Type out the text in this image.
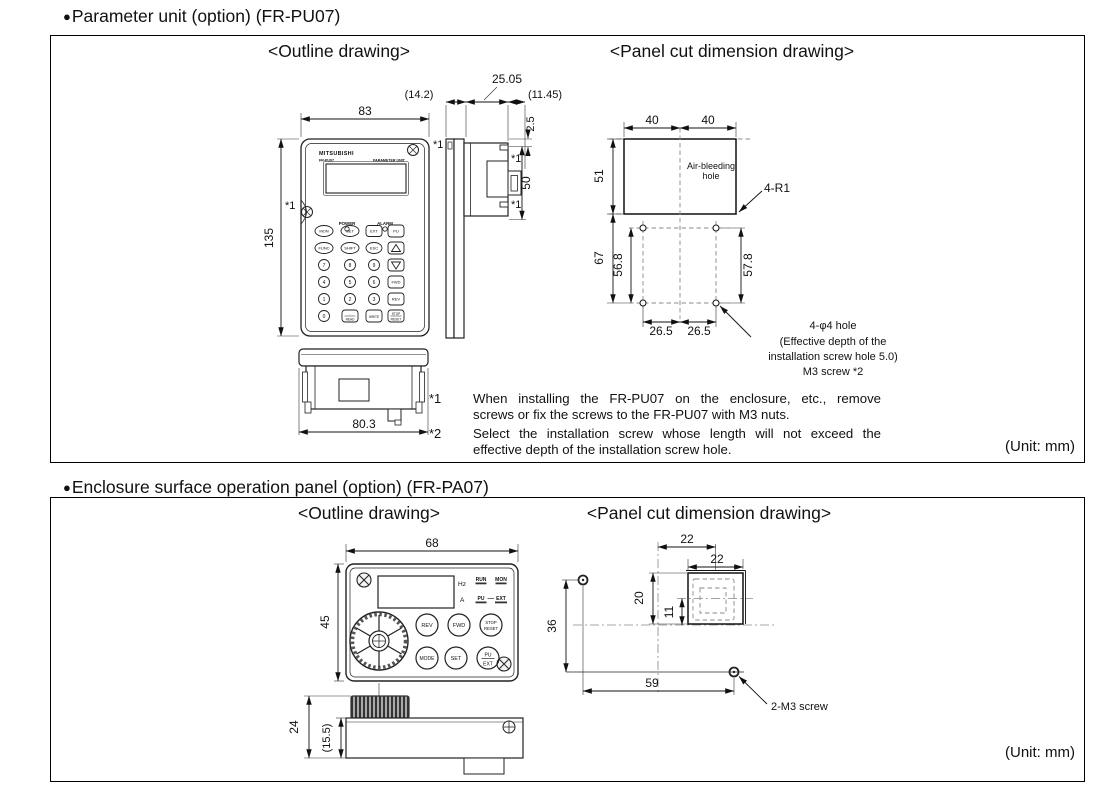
●Parameter unit (option) (FR-PU07)
<Outline drawing>	<Panel cut dimension drawing>
MITSUBISHI
FR-PU07	PARAMETER UNIT
POWER	ALARM
MON	SET	EXT	PU
FUNC	SHIFT	ESC
7	8	9
4	5	6	FWD
1	2	3	REV
0	·
READ
WRITE
STOP
RESET
83
135
*1
*1
(14.2)
25.05
(11.45)
2.5
50
*1
*1
80.3
40	40
51
67 56.8	57.8
26.5 26.5
Air-bleeding
hole
4-R1
4-φ4 hole
(Effective depth of the
installation screw hole 5.0)
M3 screw *2
*1 When installing the FR-PU07 on the enclosure, etc., remove
screws or fix the screws to the FR-PU07 with M3 nuts.
*2 Select the installation screw whose length will not exceed the
effective depth of the installation screw hole.	(Unit: mm)
●Enclosure surface operation panel (option) (FR-PA07)
<Outline drawing>	<Panel cut dimension drawing>
Hz
A
RUN MON
PU EXT
REV	FWD
STOP
RESET
MODE	SET
PU
EXT
68
45
24 (15.5)
22
22
20
11
36
59
2-M3 screw
(Unit: mm)
